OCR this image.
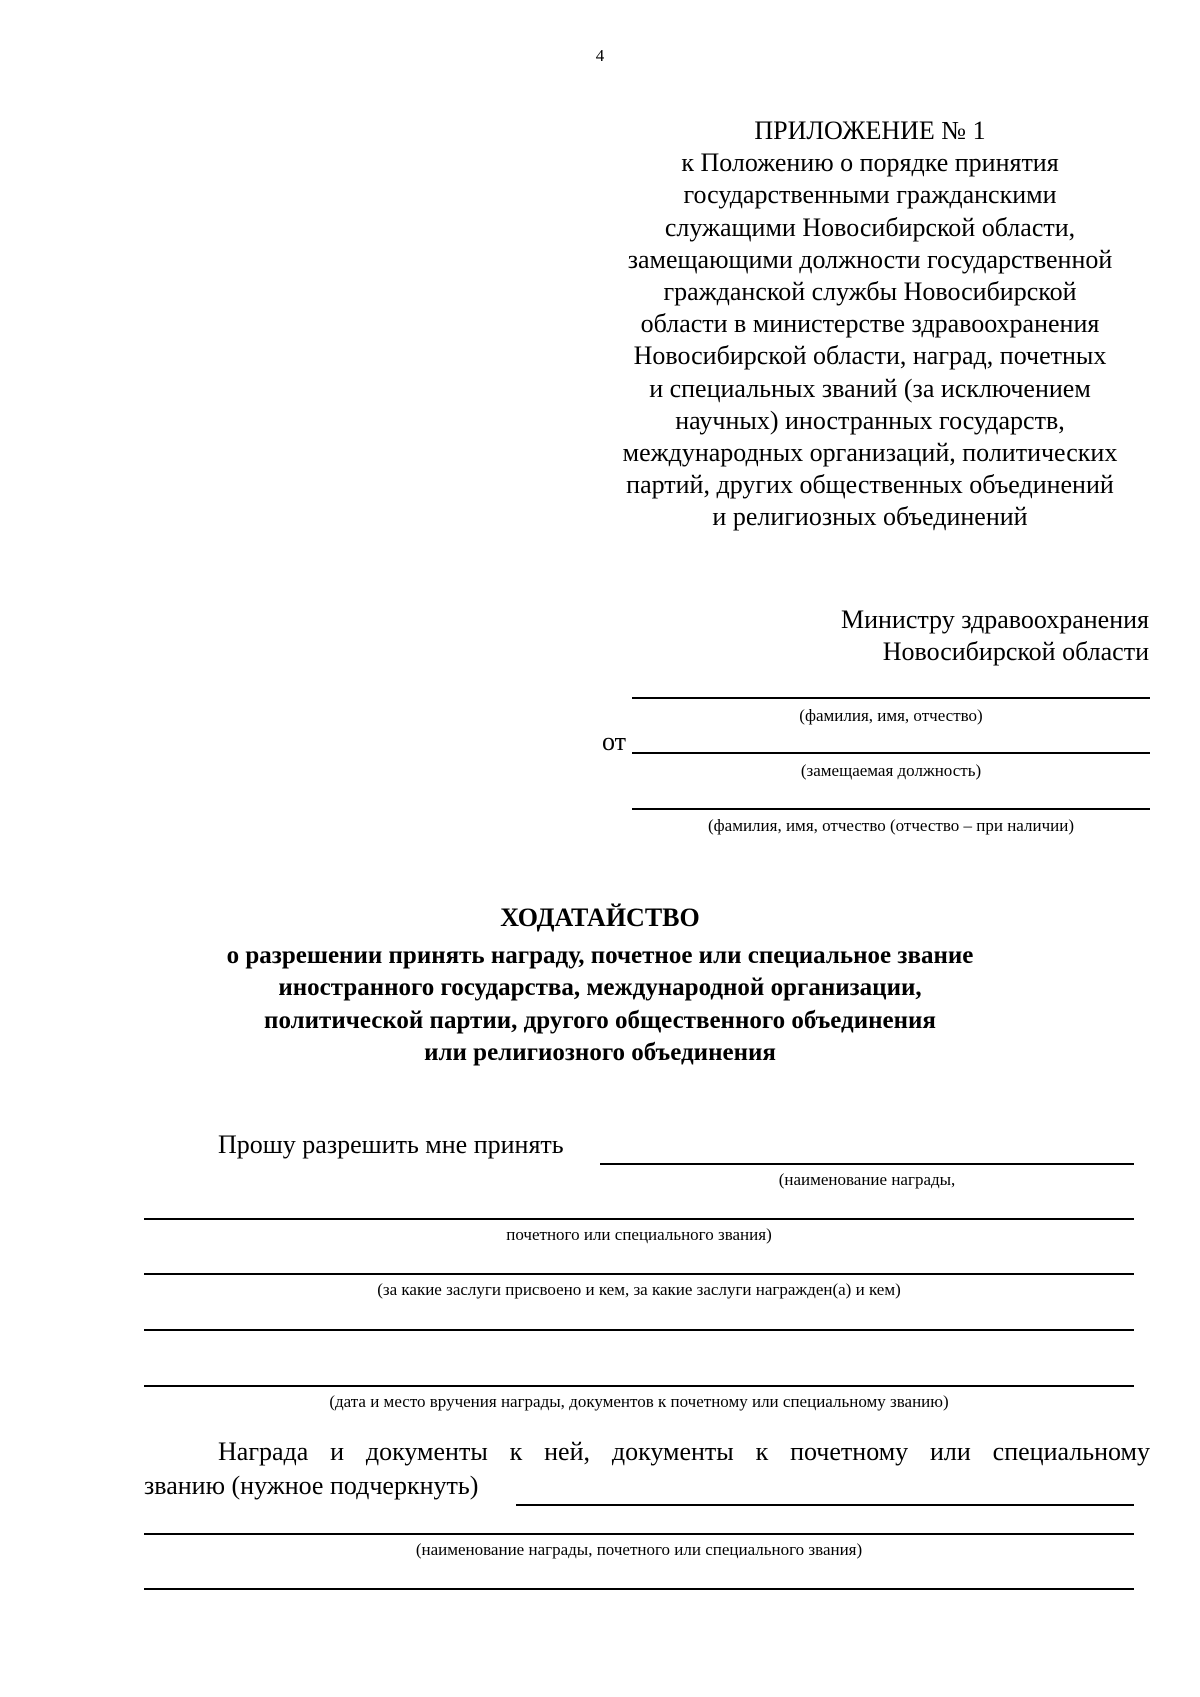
4
ПРИЛОЖЕНИЕ № 1
к Положению о порядке принятия
государственными гражданскими
служащими Новосибирской области,
замещающими должности государственной
гражданской службы Новосибирской
области в министерстве здравоохранения
Новосибирской области, наград, почетных
и специальных званий (за исключением
научных) иностранных государств,
международных организаций, политических
партий, других общественных объединений
и религиозных объединений
Министру здравоохранения
Новосибирской области
(фамилия, имя, отчество)
от
(замещаемая должность)
(фамилия, имя, отчество (отчество – при наличии)
ХОДАТАЙСТВО
о разрешении принять награду, почетное или специальное звание
иностранного государства, международной организации,
политической партии, другого общественного объединения
или религиозного объединения
Прошу разрешить мне принять
(наименование награды,
почетного или специального звания)
(за какие заслуги присвоено и кем, за какие заслуги награжден(а) и кем)
(дата и место вручения награды, документов к почетному или специальному званию)
Награда и документы к ней, документы к почетному или специальному
званию (нужное подчеркнуть)
(наименование награды, почетного или специального звания)
